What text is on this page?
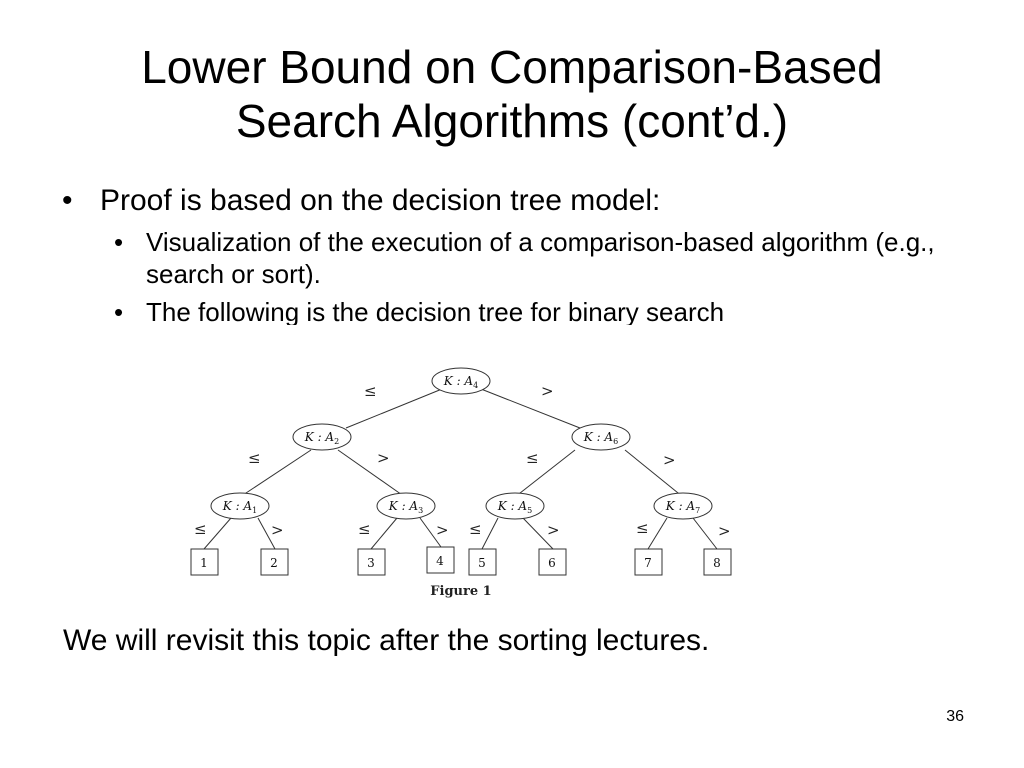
Lower Bound on Comparison-Based
Search Algorithms (cont’d.)
• Proof is based on the decision tree model:
• Visualization of the execution of a comparison-based algorithm (e.g., search or sort).
• The following is the decision tree for binary search
≤	>
≤	>	≤	>
≤	>	≤	> ≤	>	≤	>
K : $A_4$
K : $A_2$	K : $A_6$
K : $A_1$	K : $A_3$	K : $A_5$	K : $A_7$
1	2	3	4	5	6	7	8
Figure 1
We will revisit this topic after the sorting lectures.
36
